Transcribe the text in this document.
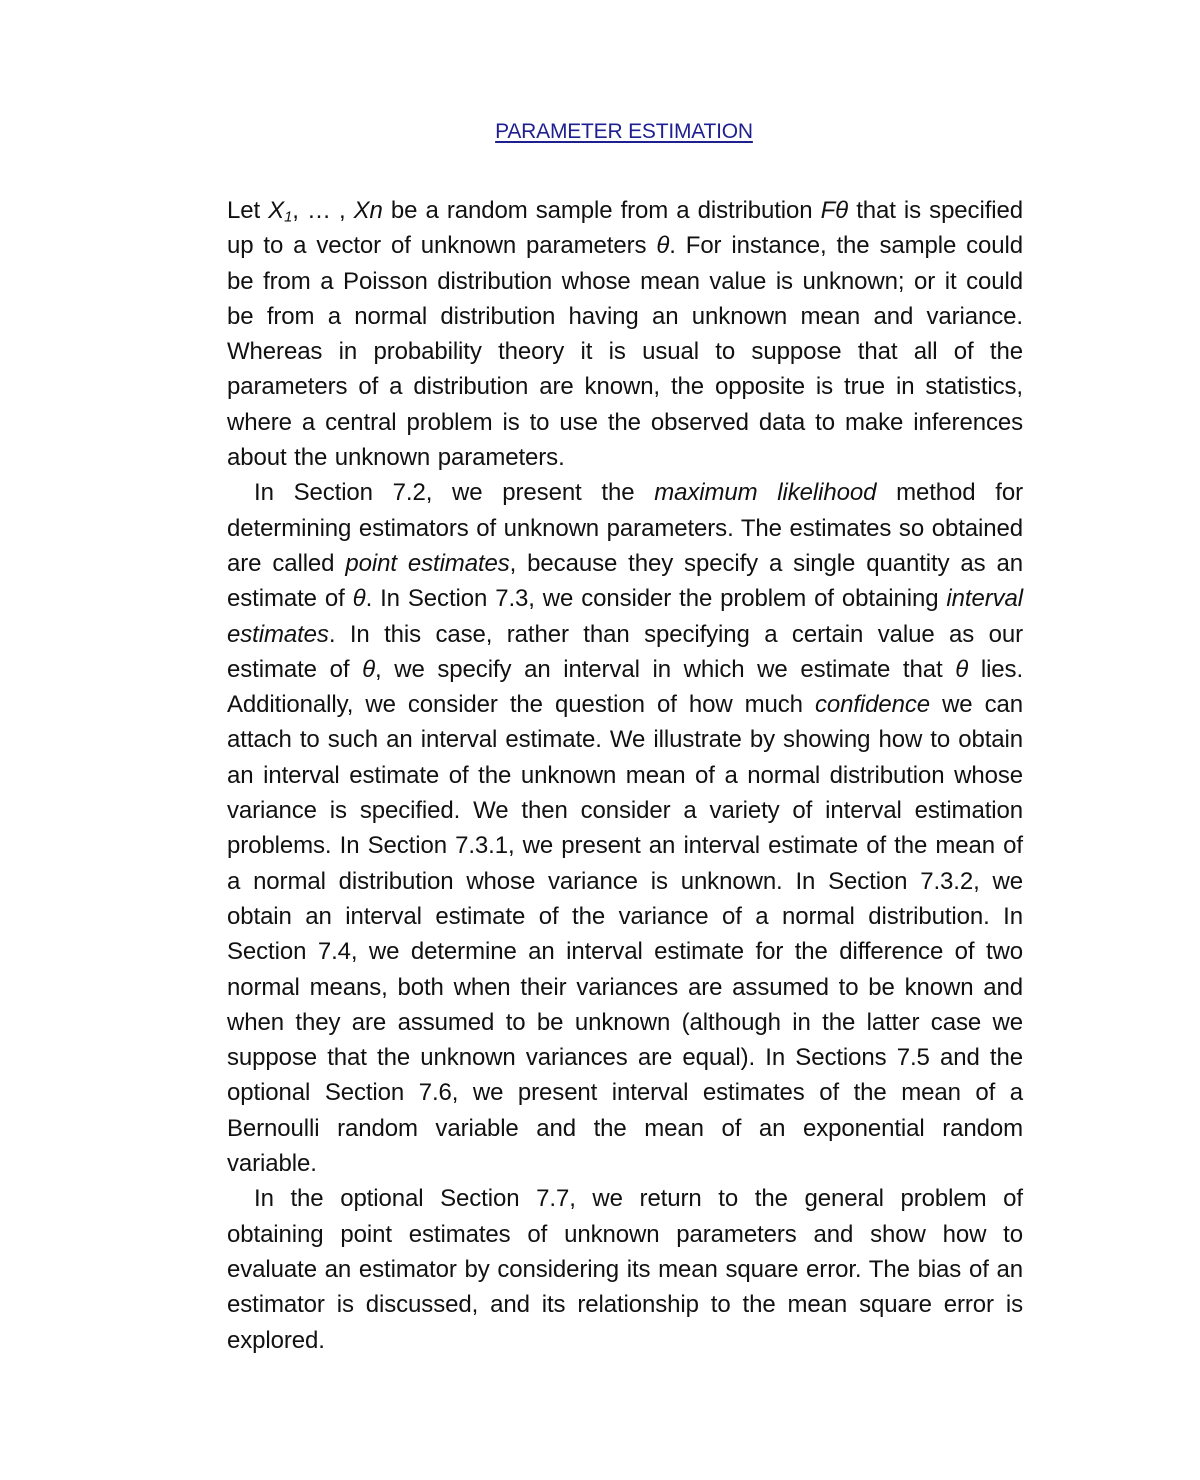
PARAMETER ESTIMATION

Let $X_1$, … , Xn be a random sample from a distribution Fθ that is specified up to a vector of unknown parameters θ. For instance, the sample could be from a Poisson distribution whose mean value is unknown; or it could be from a normal distribution having an unknown mean and variance. Whereas in probability theory it is usual to suppose that all of the parameters of a distribution are known, the opposite is true in statistics, where a central problem is to use the observed data to make inferences about the unknown parameters.

In Section 7.2, we present the maximum likelihood method for determining estimators of unknown parameters. The estimates so obtained are called point estimates, because they specify a single quantity as an estimate of θ. In Section 7.3, we consider the problem of obtaining interval estimates. In this case, rather than specifying a certain value as our estimate of θ, we specify an interval in which we estimate that θ lies. Additionally, we consider the question of how much confidence we can attach to such an interval estimate. We illustrate by showing how to obtain an interval estimate of the unknown mean of a normal distribution whose variance is specified. We then consider a variety of interval estimation problems. In Section 7.3.1, we present an interval estimate of the mean of a normal distribution whose variance is unknown. In Section 7.3.2, we obtain an interval estimate of the variance of a normal distribution. In Section 7.4, we determine an interval estimate for the difference of two normal means, both when their variances are assumed to be known and when they are assumed to be unknown (although in the latter case we suppose that the unknown variances are equal). In Sections 7.5 and the optional Section 7.6, we present interval estimates of the mean of a Bernoulli random variable and the mean of an exponential random variable.

In the optional Section 7.7, we return to the general problem of obtaining point estimates of unknown parameters and show how to evaluate an estimator by considering its mean square error. The bias of an estimator is discussed, and its relationship to the mean square error is explored.
